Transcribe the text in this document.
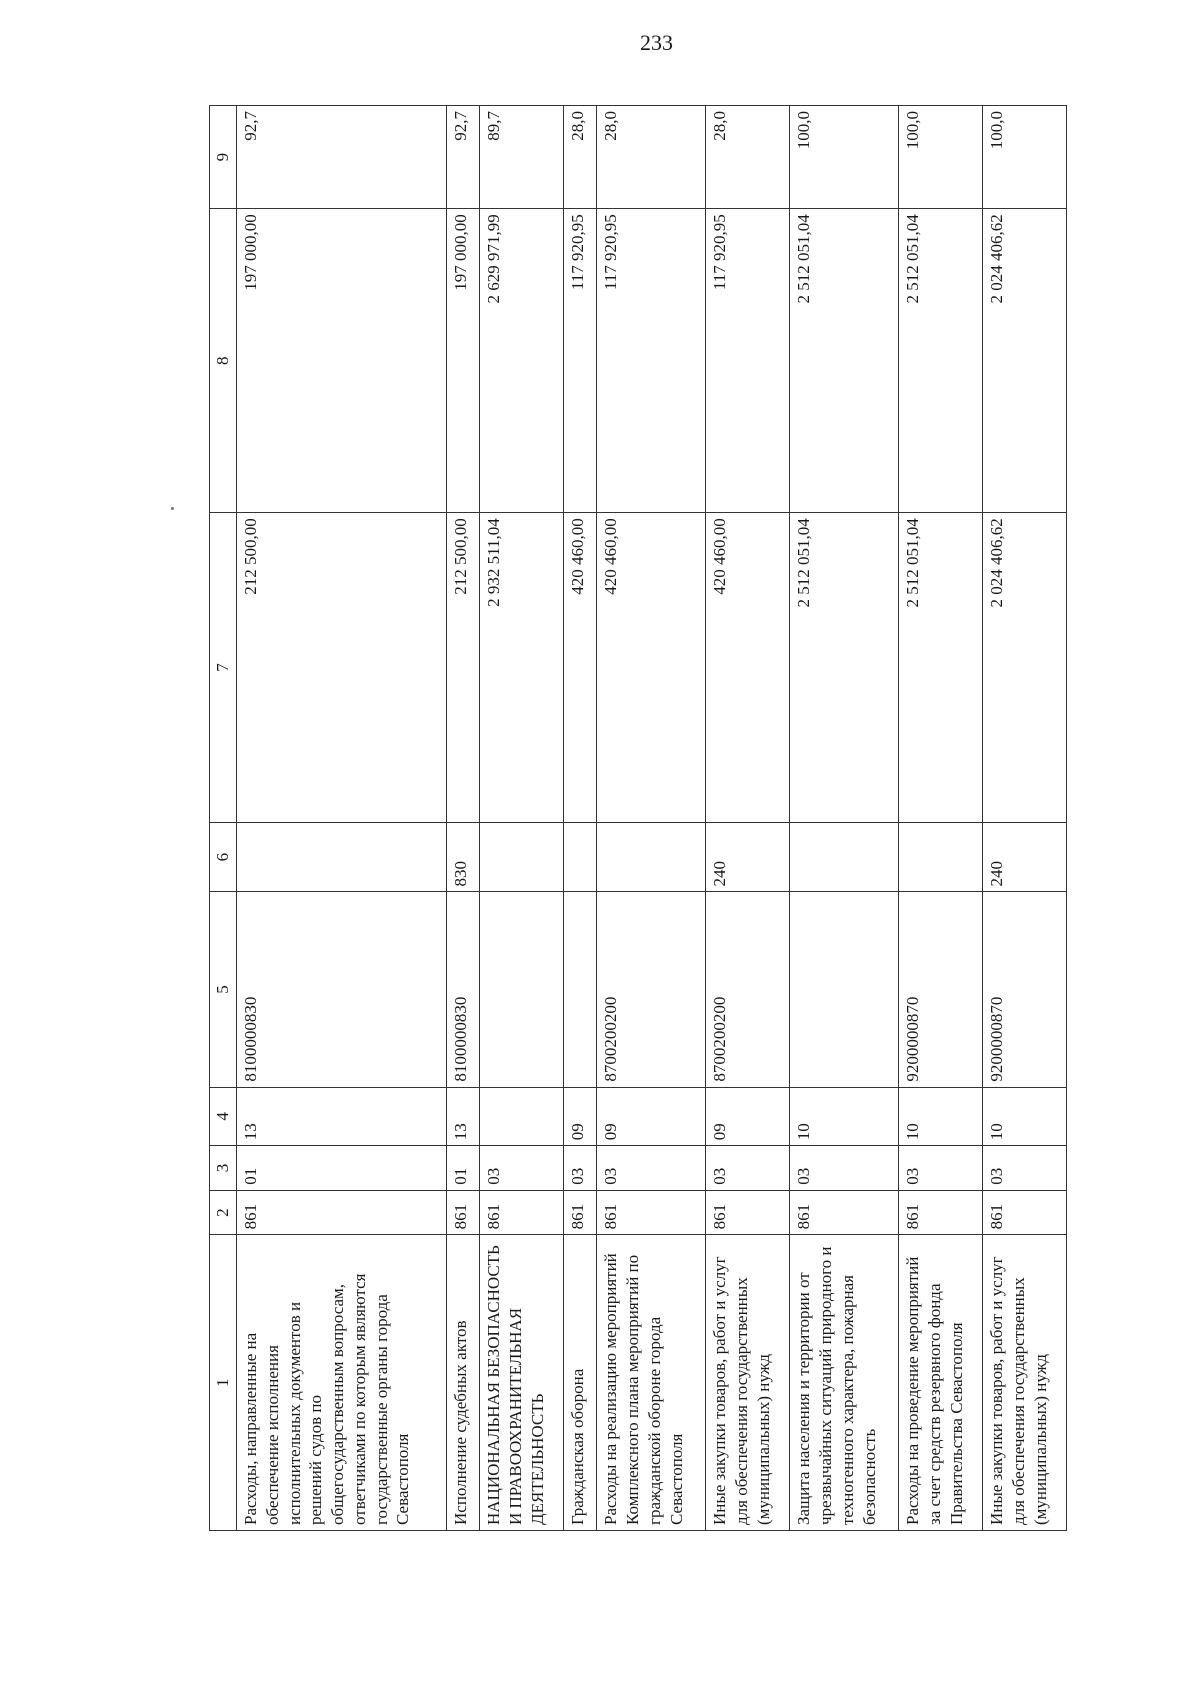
233
1	2	3	4	5	6	7	8	9
Расходы, направленные на обеспечение исполнения исполнительных документов и решений судов по общегосударственным вопросам, ответчиками по которым являются государственные органы города Севастополя	861	01	13	8100000830		212 500,00	197 000,00	92,7
Исполнение судебных актов	861	01	13	8100000830	830	212 500,00	197 000,00	92,7
НАЦИОНАЛЬНАЯ БЕЗОПАСНОСТЬ И ПРАВООХРАНИТЕЛЬНАЯ ДЕЯТЕЛЬНОСТЬ	861	03				2 932 511,04	2 629 971,99	89,7
Гражданская оборона	861	03	09			420 460,00	117 920,95	28,0
Расходы на реализацию мероприятий Комплексного плана мероприятий по гражданской обороне города Севастополя	861	03	09	8700200200		420 460,00	117 920,95	28,0
Иные закупки товаров, работ и услуг для обеспечения государственных (муниципальных) нужд	861	03	09	8700200200	240	420 460,00	117 920,95	28,0
Защита населения и территории от чрезвычайных ситуаций природного и техногенного характера, пожарная безопасность	861	03	10			2 512 051,04	2 512 051,04	100,0
Расходы на проведение мероприятий за счет средств резервного фонда Правительства Севастополя	861	03	10	9200000870		2 512 051,04	2 512 051,04	100,0
Иные закупки товаров, работ и услуг для обеспечения государственных (муниципальных) нужд	861	03	10	9200000870	240	2 024 406,62	2 024 406,62	100,0
